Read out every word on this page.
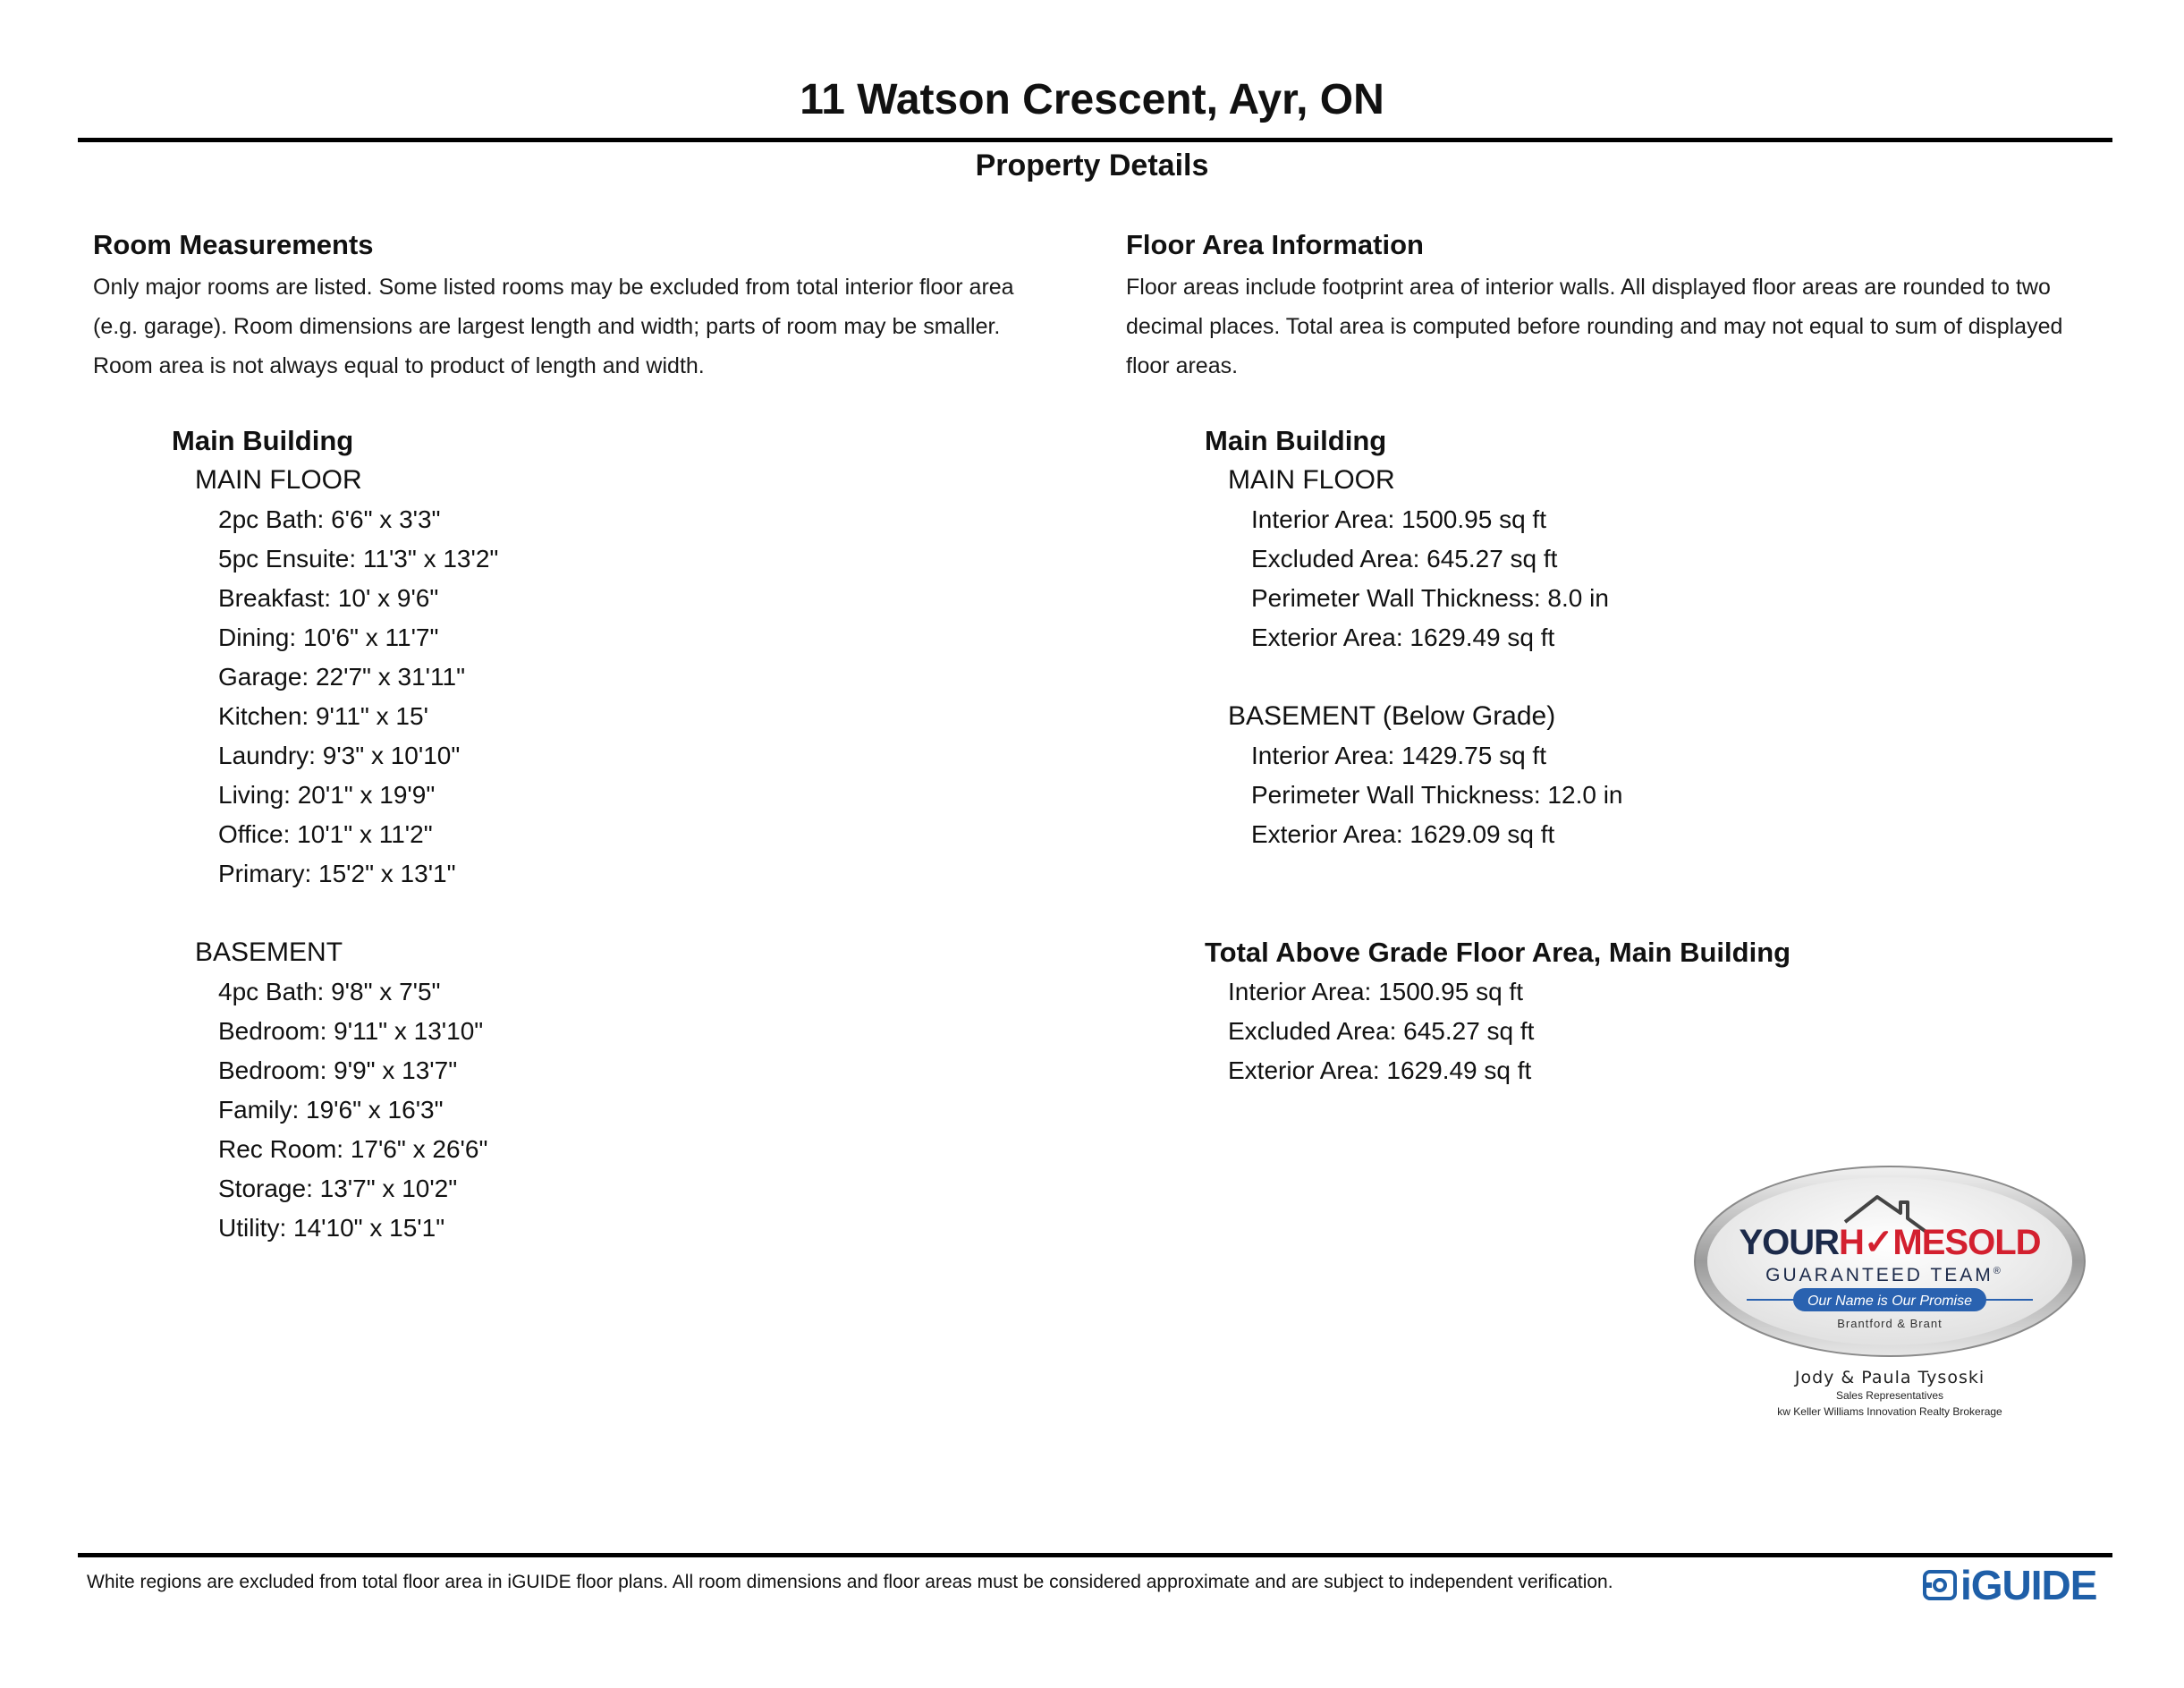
11 Watson Crescent, Ayr, ON
Property Details

Room Measurements

Only major rooms are listed. Some listed rooms may be excluded from total interior floor area

(e.g. garage). Room dimensions are largest length and width; parts of room may be smaller.

Room area is not always equal to product of length and width.

Main Building

MAIN FLOOR

2pc Bath: 6'6" x 3'3"

5pc Ensuite: 11'3" x 13'2"

Breakfast: 10' x 9'6"

Dining: 10'6" x 11'7"

Garage: 22'7" x 31'11"

Kitchen: 9'11" x 15'

Laundry: 9'3" x 10'10"

Living: 20'1" x 19'9"

Office: 10'1" x 11'2"

Primary: 15'2" x 13'1"

BASEMENT

4pc Bath: 9'8" x 7'5"

Bedroom: 9'11" x 13'10"

Bedroom: 9'9" x 13'7"

Family: 19'6" x 16'3"

Rec Room: 17'6" x 26'6"

Storage: 13'7" x 10'2"

Utility: 14'10" x 15'1"

Floor Area Information

Floor areas include footprint area of interior walls. All displayed floor areas are rounded to two

decimal places. Total area is computed before rounding and may not equal to sum of displayed

floor areas.

Main Building

MAIN FLOOR

Interior Area: 1500.95 sq ft

Excluded Area: 645.27 sq ft

Perimeter Wall Thickness: 8.0 in

Exterior Area: 1629.49 sq ft

BASEMENT (Below Grade)

Interior Area: 1429.75 sq ft

Perimeter Wall Thickness: 12.0 in

Exterior Area: 1629.09 sq ft

Total Above Grade Floor Area, Main Building

Interior Area: 1500.95 sq ft

Excluded Area: 645.27 sq ft

Exterior Area: 1629.49 sq ft

YOURH✓MESOLD
GUARANTEED TEAM®
Our Name is Our Promise
Brantford & Brant
Jody & Paula Tysoski
Sales Representatives
kw Keller Williams Innovation Realty Brokerage

White regions are excluded from total floor area in iGUIDE floor plans. All room dimensions and floor areas must be considered approximate and are subject to independent verification.	iGUIDE
